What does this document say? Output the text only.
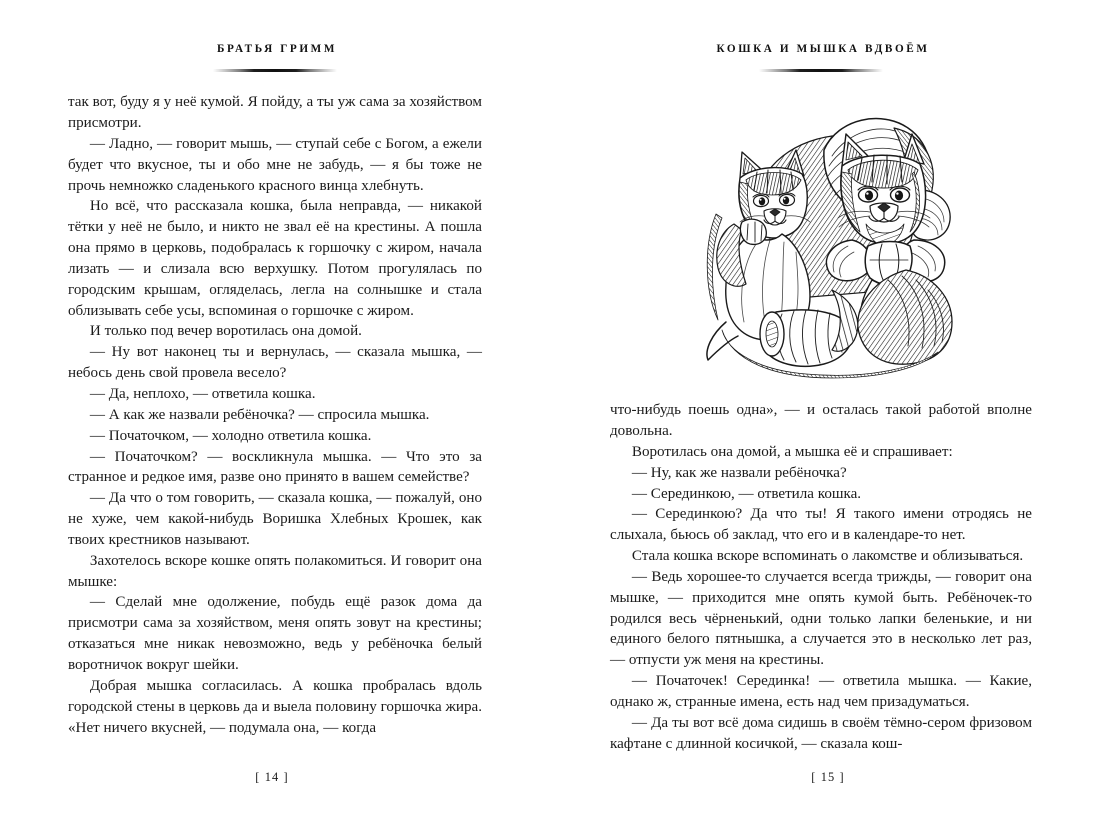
БРАТЬЯ ГРИММ

так вот, буду я у неё кумой. Я пойду, а ты уж сама за хозяйством присмотри.

— Ладно, — говорит мышь, — ступай себе с Богом, а ежели будет что вкусное, ты и обо мне не забудь, — я бы тоже не прочь немножко сладенького красного винца хлебнуть.

Но всё, что рассказала кошка, была неправда, — никакой тётки у неё не было, и никто не звал её на крестины. А пошла она прямо в церковь, подобралась к горшочку с жиром, начала лизать — и слизала всю верхушку. Потом прогулялась по городским крышам, огляделась, легла на солнышке и стала облизывать себе усы, вспоминая о горшочке с жиром.

И только под вечер воротилась она домой.

— Ну вот наконец ты и вернулась, — сказала мышка, — небось день свой провела весело?

— Да, неплохо, — ответила кошка.

— А как же назвали ребёночка? — спросила мышка.

— Початочком, — холодно ответила кошка.

— Початочком? — воскликнула мышка. — Что это за странное и редкое имя, разве оно принято в вашем семействе?

— Да что о том говорить, — сказала кошка, — пожалуй, оно не хуже, чем какой-нибудь Воришка Хлебных Крошек, как твоих крестников называют.

Захотелось вскоре кошке опять полакомиться. И говорит она мышке:

— Сделай мне одолжение, побудь ещё разок дома да присмотри сама за хозяйством, меня опять зовут на крестины; отказаться мне никак невозможно, ведь у ребёночка белый воротничок вокруг шейки.

Добрая мышка согласилась. А кошка пробралась вдоль городской стены в церковь да и выела половину горшочка жира. «Нет ничего вкусней, — подумала она, — когда

[ 14 ]
КОШКА И МЫШКА ВДВОЁМ

что-нибудь поешь одна», — и осталась такой работой вполне довольна.

Воротилась она домой, а мышка её и спрашивает:

— Ну, как же назвали ребёночка?

— Серединкою, — ответила кошка.

— Серединкою? Да что ты! Я такого имени отродясь не слыхала, бьюсь об заклад, что его и в календаре-то нет.

Стала кошка вскоре вспоминать о лакомстве и облизываться.

— Ведь хорошее-то случается всегда трижды, — говорит она мышке, — приходится мне опять кумой быть. Ребёночек-то родился весь чёрненький, одни только лапки беленькие, и ни единого белого пятнышка, а случается это в несколько лет раз, — отпусти уж меня на крестины.

— Початочек! Серединка! — ответила мышка. — Какие, однако ж, странные имена, есть над чем призадуматься.

— Да ты вот всё дома сидишь в своём тёмно-сером фризовом кафтане с длинной косичкой, — сказала кош-

[ 15 ]
